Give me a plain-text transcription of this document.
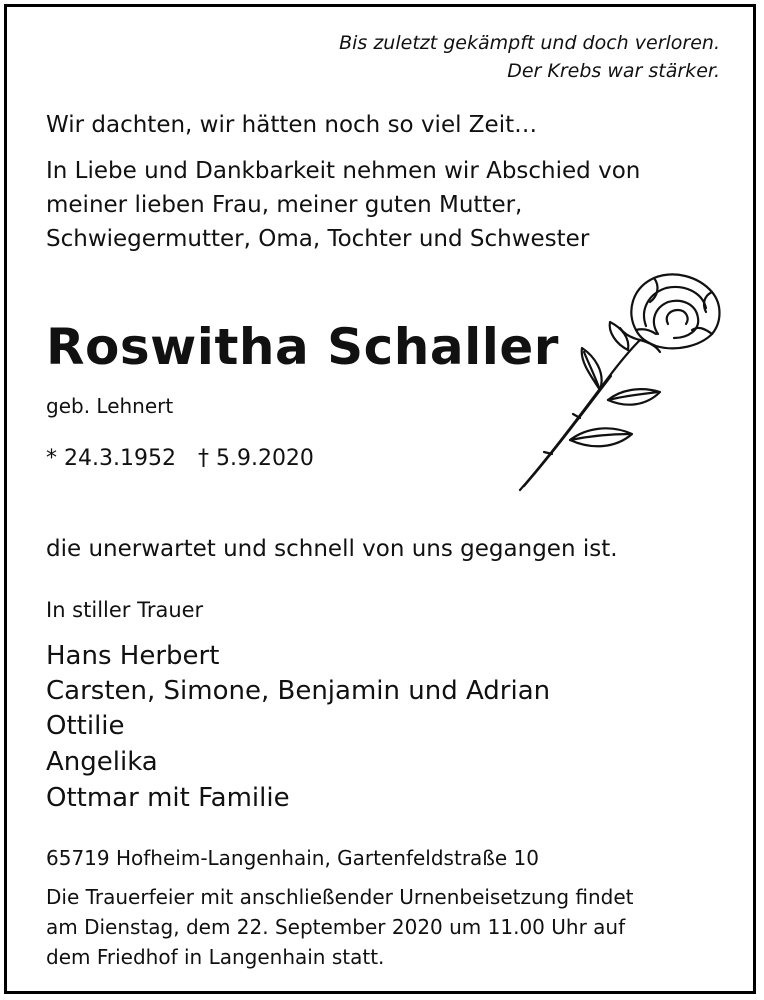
Bis zuletzt gekämpft und doch verloren.

Der Krebs war stärker.

Wir dachten, wir hätten noch so viel Zeit…

In Liebe und Dankbarkeit nehmen wir Abschied von

meiner lieben Frau, meiner guten Mutter,

Schwiegermutter, Oma, Tochter und Schwester

Roswitha Schaller

geb. Lehnert

* 24.3.1952 † 5.9.2020

die unerwartet und schnell von uns gegangen ist.

In stiller Trauer

Hans Herbert

Carsten, Simone, Benjamin und Adrian

Ottilie

Angelika

Ottmar mit Familie

65719 Hofheim-Langenhain, Gartenfeldstraße 10

Die Trauerfeier mit anschließender Urnenbeisetzung findet

am Dienstag, dem 22. September 2020 um 11.00 Uhr auf

dem Friedhof in Langenhain statt.
